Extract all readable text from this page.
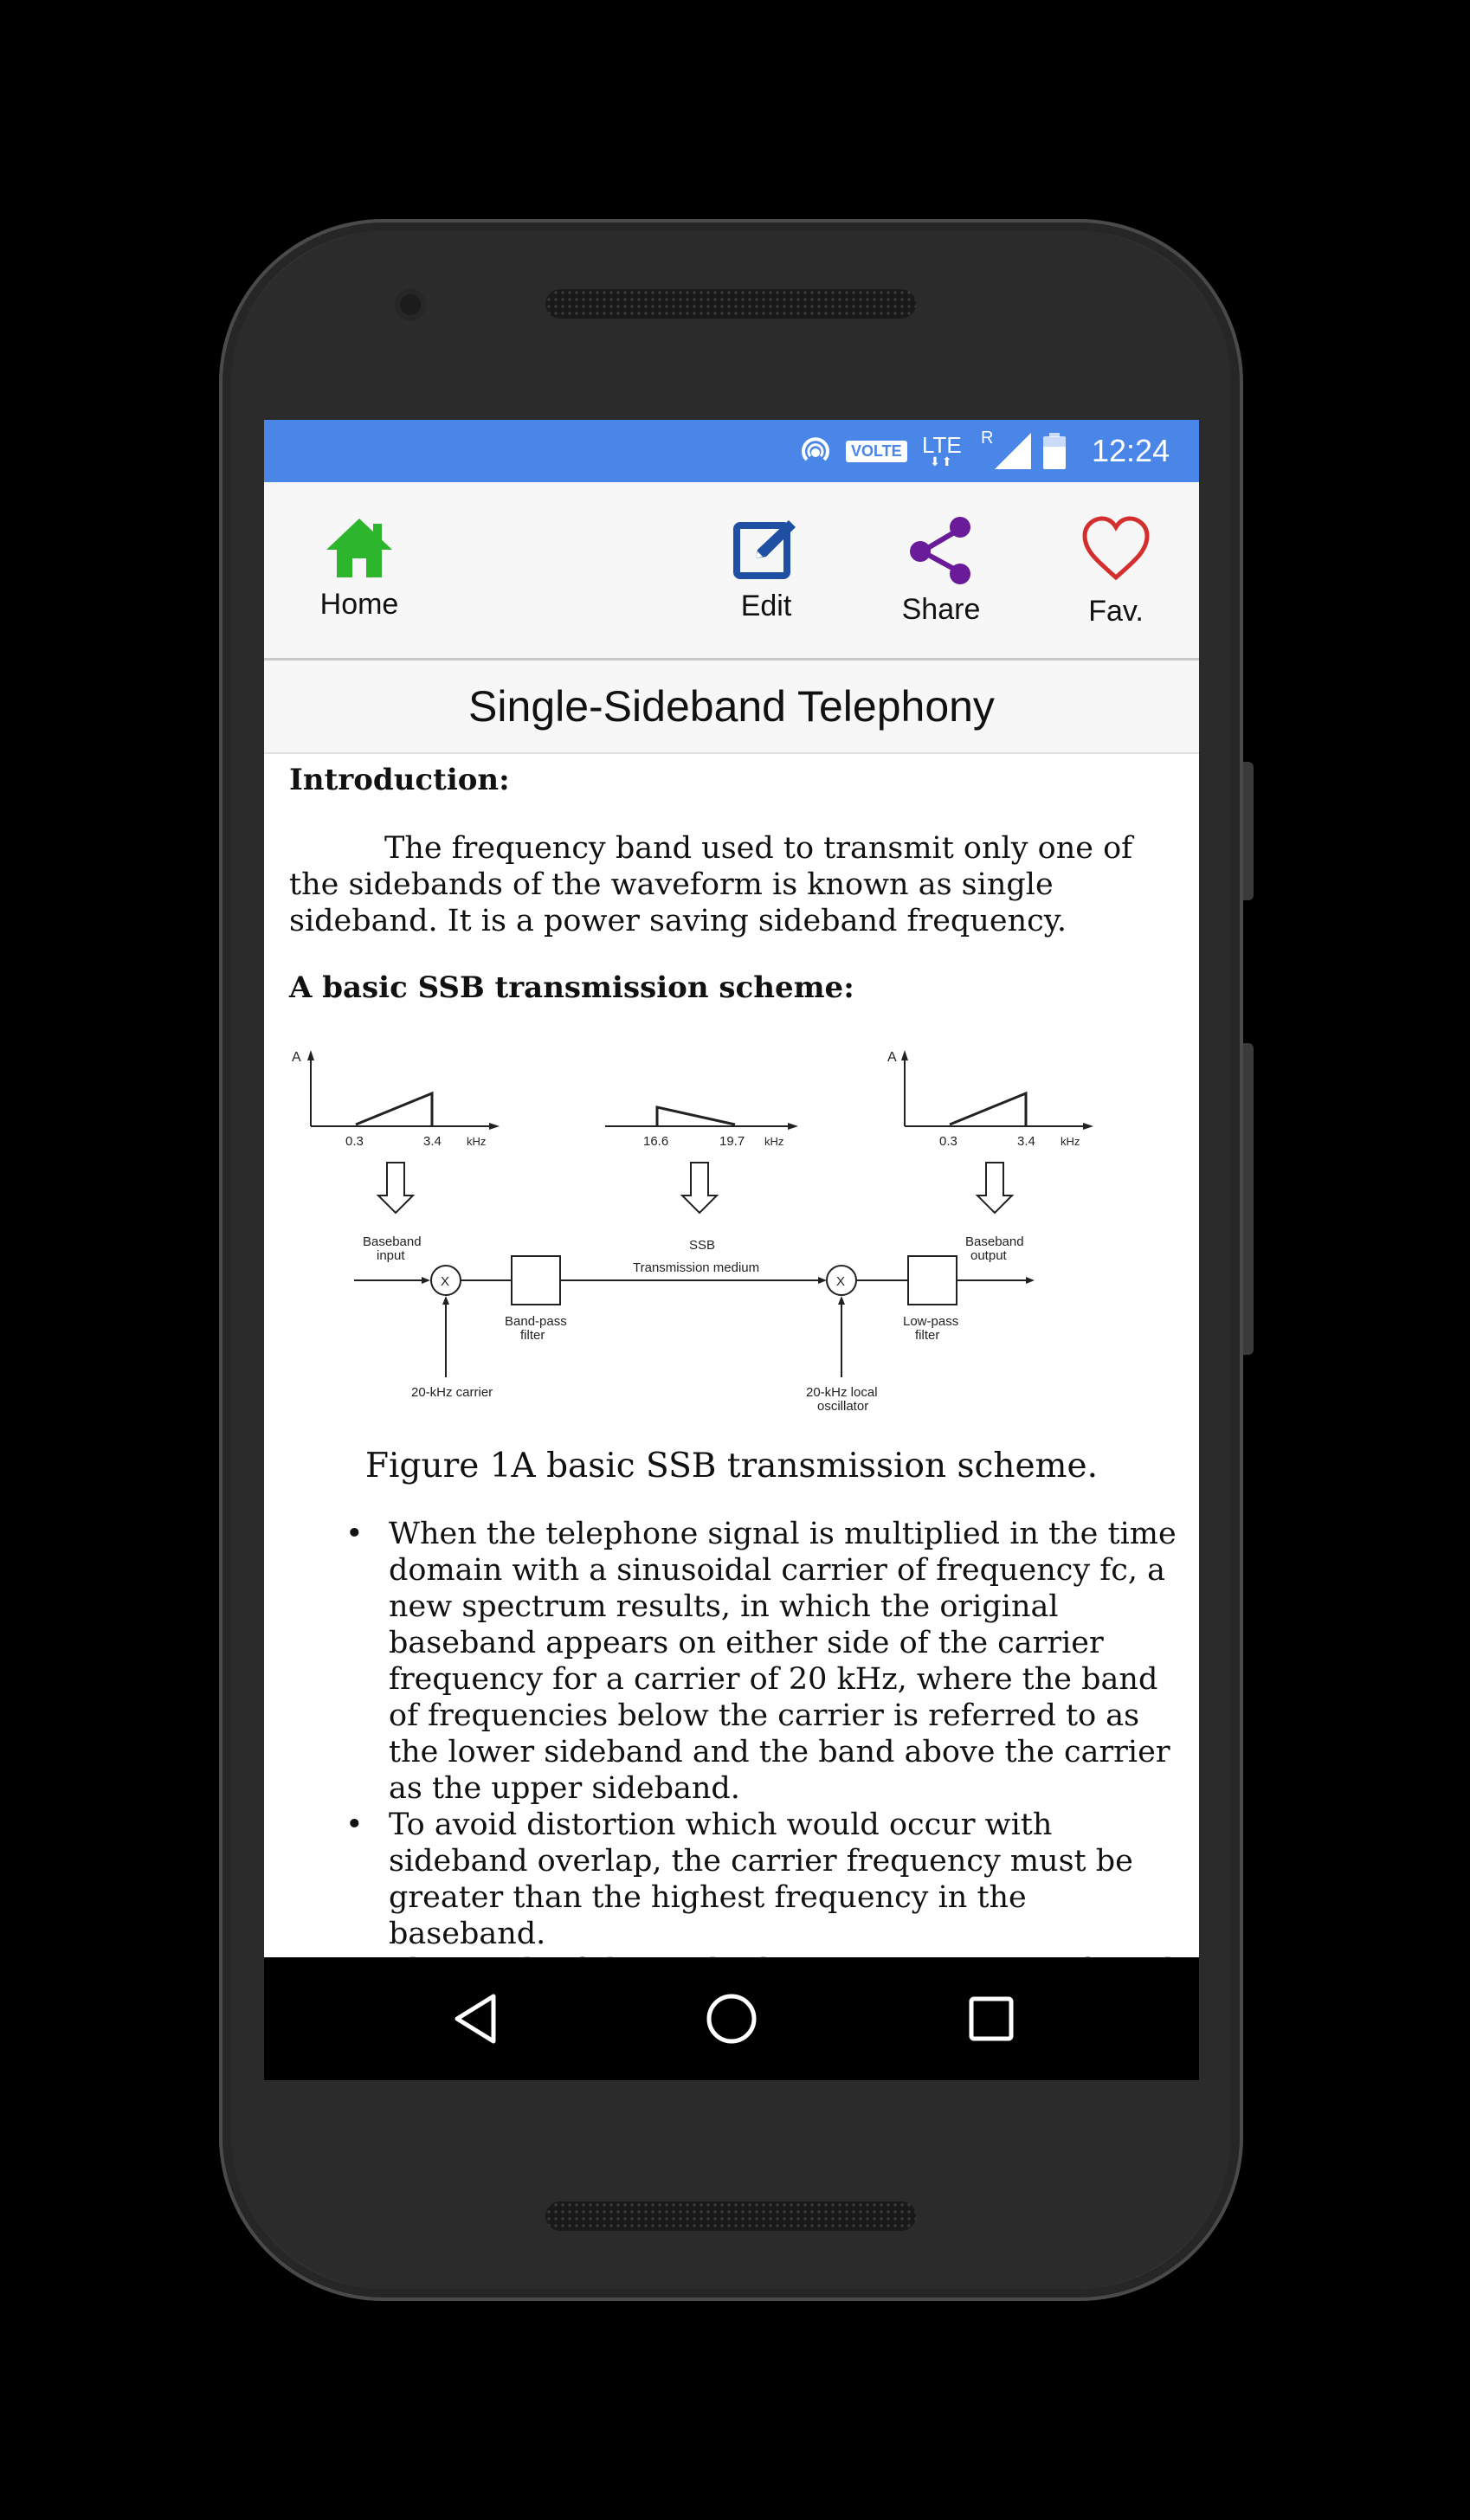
VOLTE LTE
⬇⬆
R	12:24
Home	Edit	Share	Fav.
Single-Sideband Telephony

Introduction:

The frequency band used to transmit only one of the sidebands of the waveform is known as single sideband. It is a power saving sideband frequency.

A basic SSB transmission scheme:

A
0.3	3.4 kHz	16.6	19.7 kHz
A
0.3	3.4 kHz
Baseband
input
X
Band-pass
filter
SSB
Transmission medium
X
Low-pass
filter
Baseband
output
20-kHz carrier	20-kHz local
oscillator
Figure 1A basic SSB transmission scheme.
• When the telephone signal is multiplied in the time domain with a sinusoidal carrier of frequency fc, a new spectrum results, in which the original baseband appears on either side of the carrier frequency for a carrier of 20 kHz, where the band of frequencies below the carrier is referred to as the lower sideband and the band above the carrier as the upper sideband.
• To avoid distortion which would occur with sideband overlap, the carrier frequency must be greater than the highest frequency in the baseband.
•
